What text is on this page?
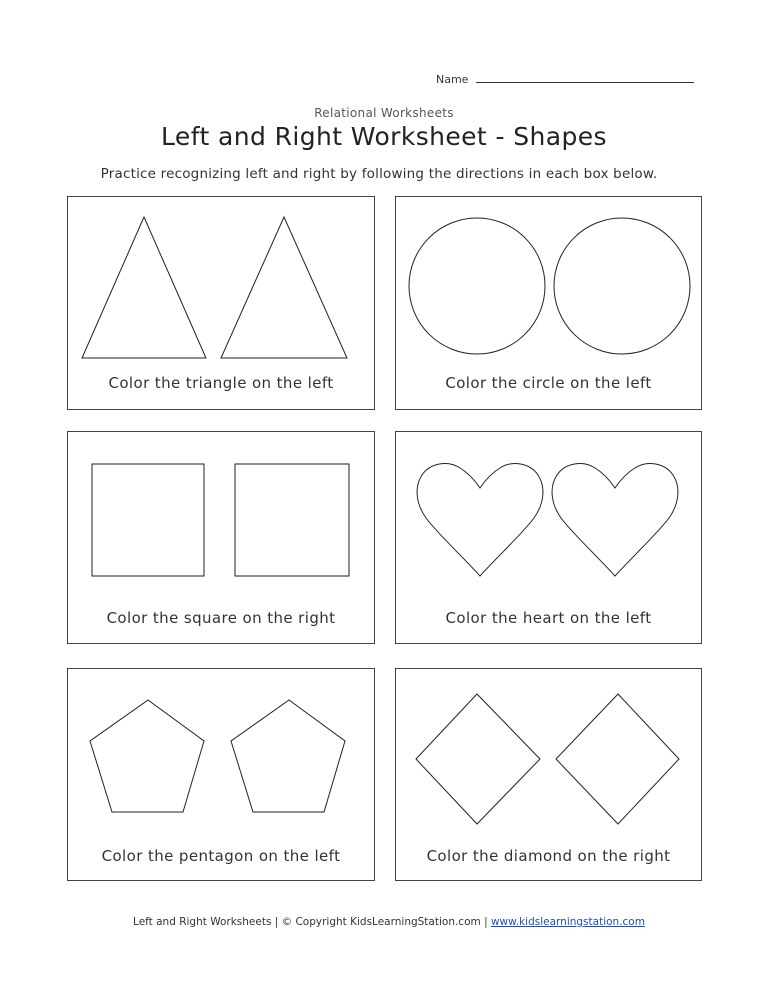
Name
Relational Worksheets
Left and Right Worksheet - Shapes
Practice recognizing left and right by following the directions in each box below.
Color the triangle on the left	Color the circle on the left
Color the square on the right	Color the heart on the left
Color the pentagon on the left	Color the diamond on the right
Left and Right Worksheets | © Copyright KidsLearningStation.com | www.kidslearningstation.com
